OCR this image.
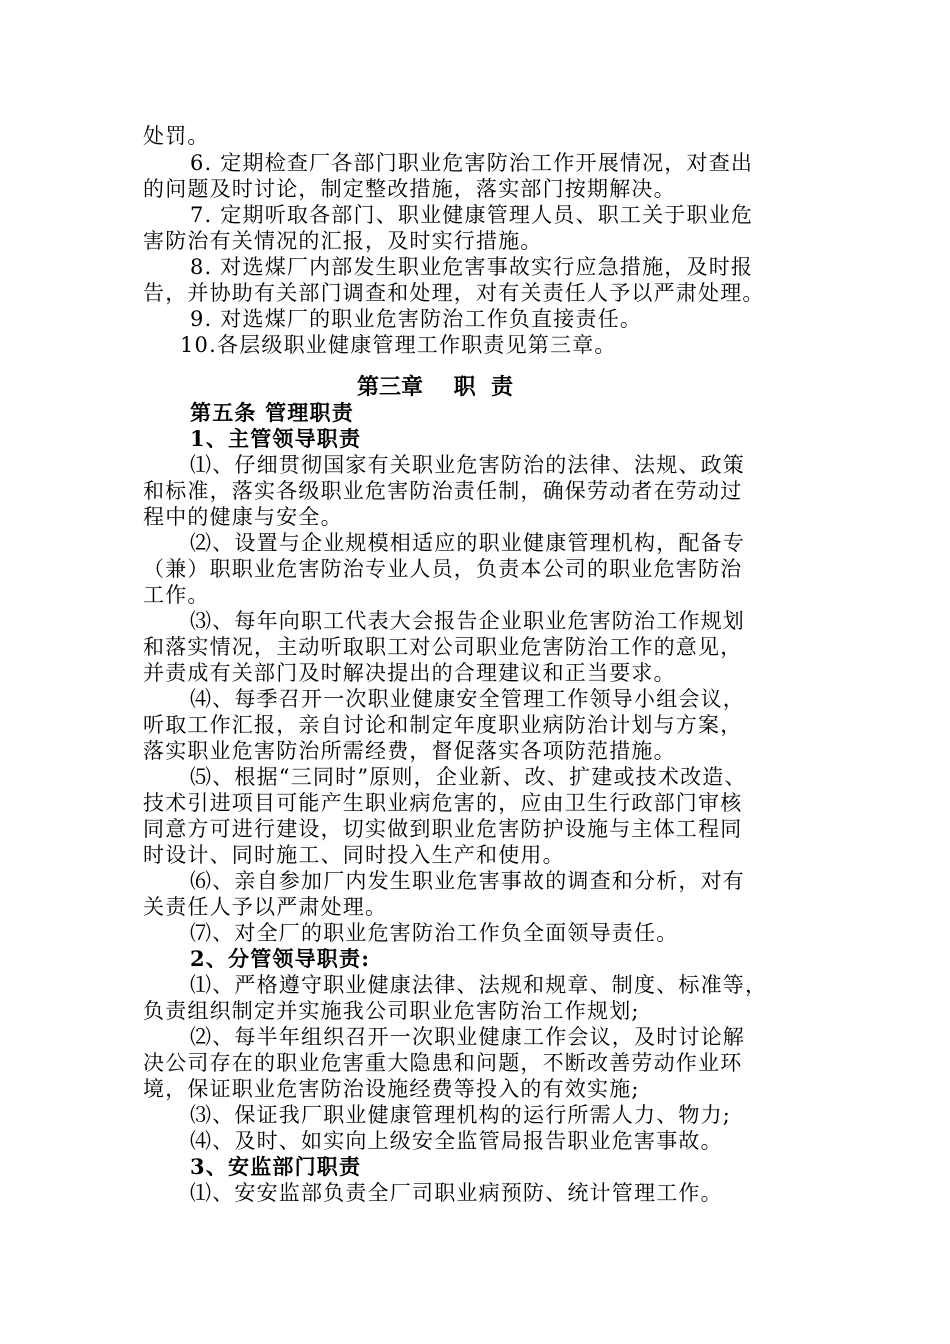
处罚。
6. 定期检查厂各部门职业危害防治工作开展情况，对查出
的问题及时讨论，制定整改措施，落实部门按期解决。
7. 定期听取各部门、职业健康管理人员、职工关于职业危
害防治有关情况的汇报，及时实行措施。
8. 对选煤厂内部发生职业危害事故实行应急措施，及时报
告，并协助有关部门调查和处理，对有关责任人予以严肃处理。
9. 对选煤厂的职业危害防治工作负直接责任。
10.各层级职业健康管理工作职责见第三章。
第三章    职  责
第五条 管理职责
1、主管领导职责
⑴、仔细贯彻国家有关职业危害防治的法律、法规、政策
和标准，落实各级职业危害防治责任制，确保劳动者在劳动过
程中的健康与安全。
⑵、设置与企业规模相适应的职业健康管理机构，配备专
（兼）职职业危害防治专业人员，负责本公司的职业危害防治
工作。
⑶、每年向职工代表大会报告企业职业危害防治工作规划
和落实情况，主动听取职工对公司职业危害防治工作的意见，
并责成有关部门及时解决提出的合理建议和正当要求。
⑷、每季召开一次职业健康安全管理工作领导小组会议，
听取工作汇报，亲自讨论和制定年度职业病防治计划与方案，
落实职业危害防治所需经费，督促落实各项防范措施。
⑸、根据“三同时”原则，企业新、改、扩建或技术改造、
技术引进项目可能产生职业病危害的，应由卫生行政部门审核
同意方可进行建设，切实做到职业危害防护设施与主体工程同
时设计、同时施工、同时投入生产和使用。
⑹、亲自参加厂内发生职业危害事故的调查和分析，对有
关责任人予以严肃处理。
⑺、对全厂的职业危害防治工作负全面领导责任。
2、分管领导职责:
⑴、严格遵守职业健康法律、法规和规章、制度、标准等，
负责组织制定并实施我公司职业危害防治工作规划;
⑵、每半年组织召开一次职业健康工作会议，及时讨论解
决公司存在的职业危害重大隐患和问题，不断改善劳动作业环
境，保证职业危害防治设施经费等投入的有效实施;
⑶、保证我厂职业健康管理机构的运行所需人力、物力;
⑷、及时、如实向上级安全监管局报告职业危害事故。
3、安监部门职责
⑴、安安监部负责全厂司职业病预防、统计管理工作。
